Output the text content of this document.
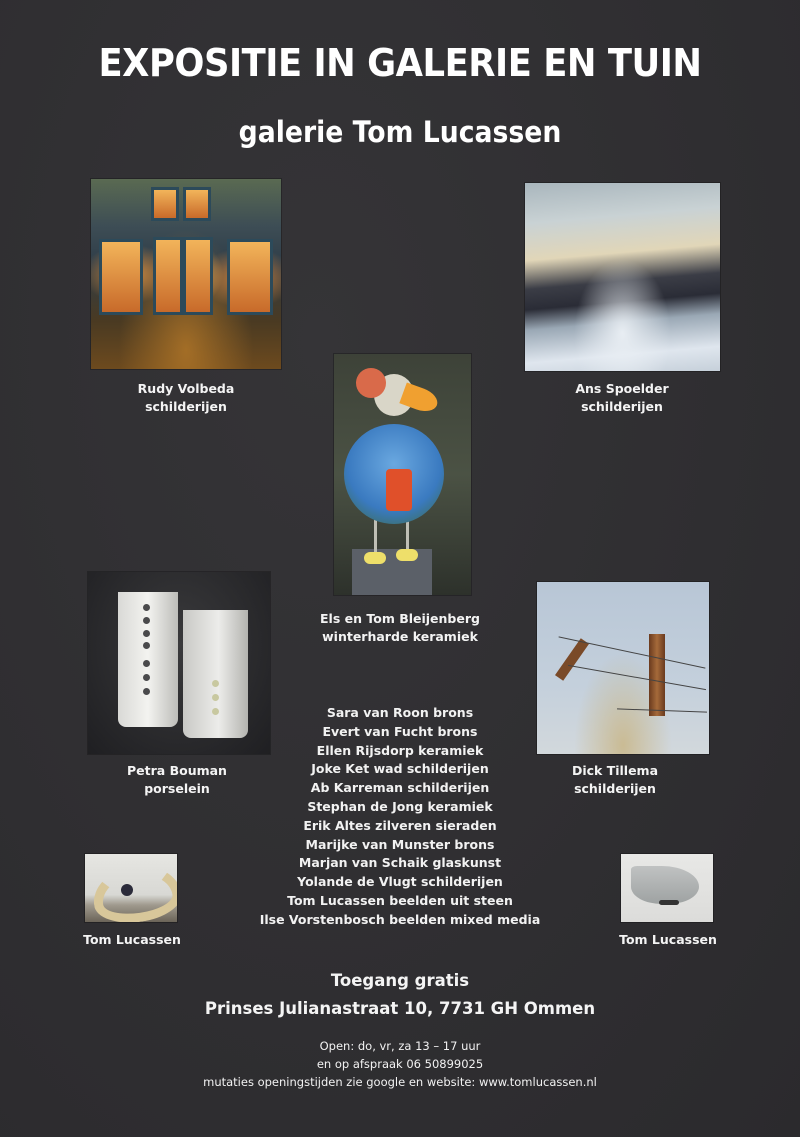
EXPOSITIE IN GALERIE EN TUIN
galerie Tom Lucassen
Rudy Volbeda
schilderijen
Ans Spoelder
schilderijen
Els en Tom Bleijenberg
winterharde keramiek
Petra Bouman
porselein
Dick Tillema
schilderijen
Sara van Roon brons
Evert van Fucht brons
Ellen Rijsdorp keramiek
Joke Ket wad schilderijen
Ab Karreman schilderijen
Stephan de Jong keramiek
Erik Altes zilveren sieraden
Marijke van Munster brons
Marjan van Schaik glaskunst
Yolande de Vlugt schilderijen
Tom Lucassen beelden uit steen
Ilse Vorstenbosch beelden mixed media
Tom Lucassen	Tom Lucassen
Toegang gratis
Prinses Julianastraat 10, 7731 GH Ommen
Open: do, vr, za 13 – 17 uur
en op afspraak 06 50899025
mutaties openingstijden zie google en website: www.tomlucassen.nl
